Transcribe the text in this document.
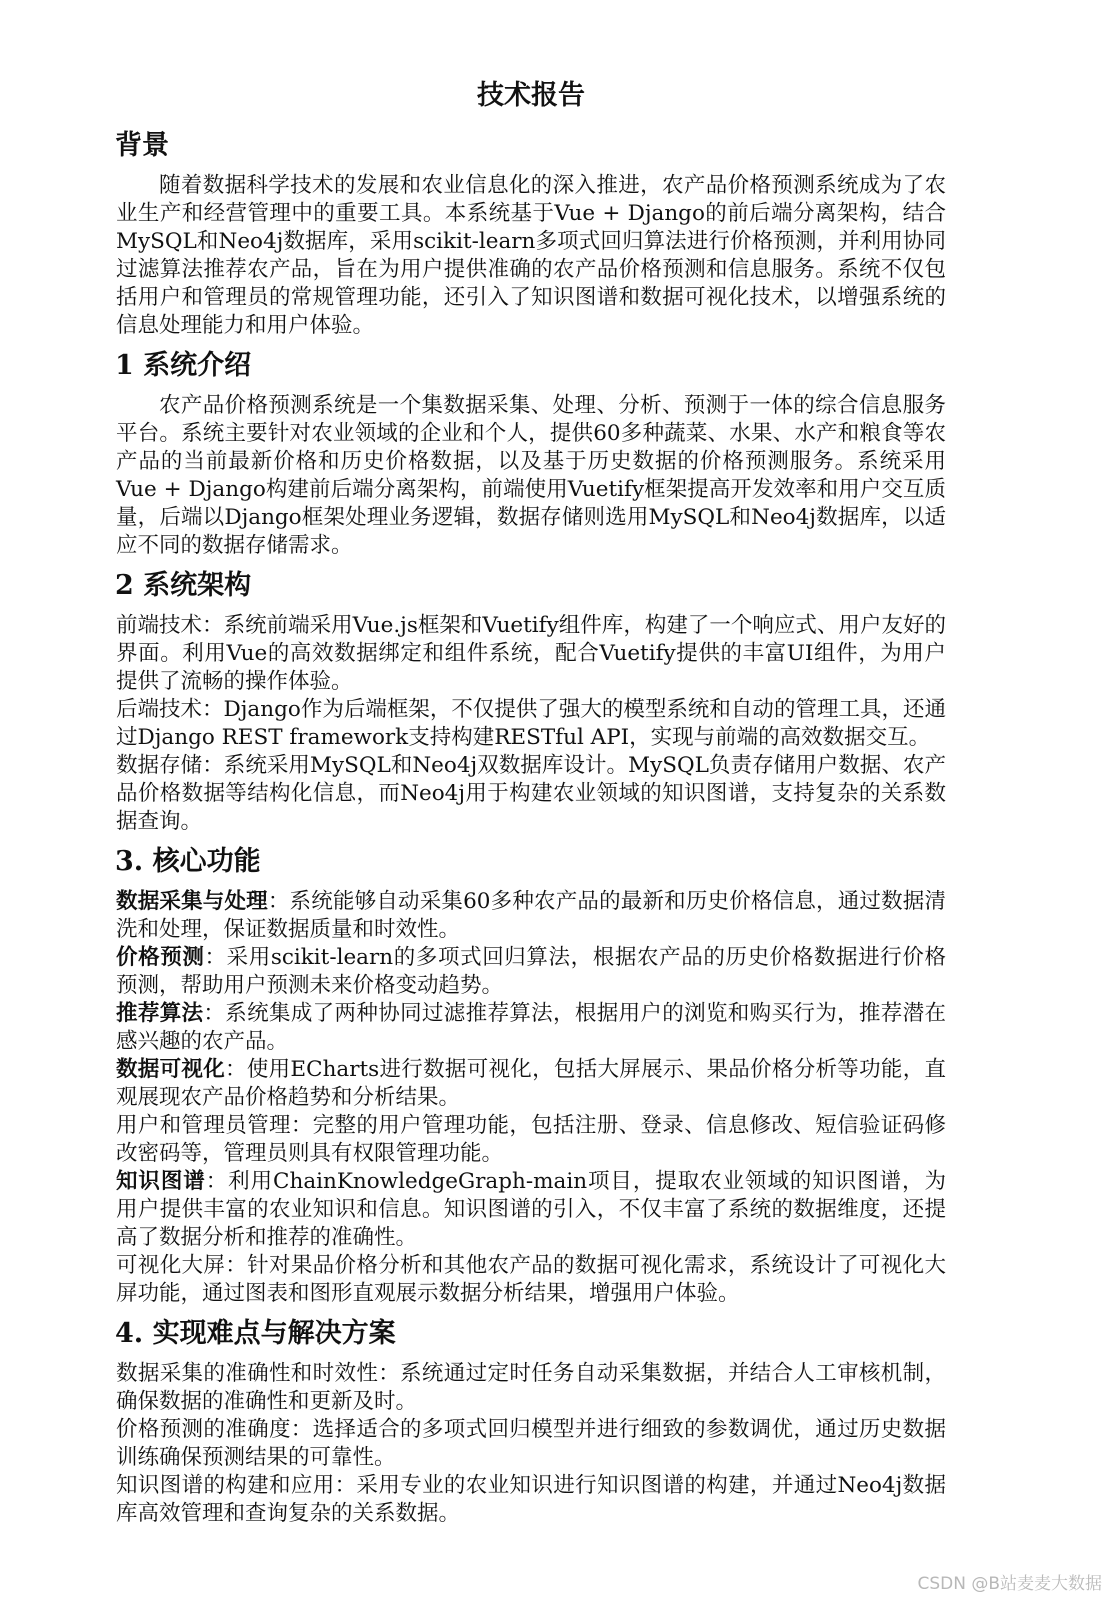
技术报告
背景

随着数据科学技术的发展和农业信息化的深入推进，农产品价格预测系统成为了农业生产和经营管理中的重要工具。本系统基于Vue + Django的前后端分离架构，结合MySQL和Neo4j数据库，采用scikit-learn多项式回归算法进行价格预测，并利用协同过滤算法推荐农产品，旨在为用户提供准确的农产品价格预测和信息服务。系统不仅包括用户和管理员的常规管理功能，还引入了知识图谱和数据可视化技术，以增强系统的信息处理能力和用户体验。

1 系统介绍

农产品价格预测系统是一个集数据采集、处理、分析、预测于一体的综合信息服务平台。系统主要针对农业领域的企业和个人，提供60多种蔬菜、水果、水产和粮食等农产品的当前最新价格和历史价格数据，以及基于历史数据的价格预测服务。系统采用Vue + Django构建前后端分离架构，前端使用Vuetify框架提高开发效率和用户交互质量，后端以Django框架处理业务逻辑，数据存储则选用MySQL和Neo4j数据库，以适应不同的数据存储需求。

2 系统架构

前端技术：系统前端采用Vue.js框架和Vuetify组件库，构建了一个响应式、用户友好的界面。利用Vue的高效数据绑定和组件系统，配合Vuetify提供的丰富UI组件，为用户提供了流畅的操作体验。

后端技术：Django作为后端框架，不仅提供了强大的模型系统和自动的管理工具，还通过Django REST framework支持构建RESTful API，实现与前端的高效数据交互。

数据存储：系统采用MySQL和Neo4j双数据库设计。MySQL负责存储用户数据、农产品价格数据等结构化信息，而Neo4j用于构建农业领域的知识图谱，支持复杂的关系数据查询。

3. 核心功能

数据采集与处理：系统能够自动采集60多种农产品的最新和历史价格信息，通过数据清洗和处理，保证数据质量和时效性。

价格预测：采用scikit-learn的多项式回归算法，根据农产品的历史价格数据进行价格预测，帮助用户预测未来价格变动趋势。

推荐算法：系统集成了两种协同过滤推荐算法，根据用户的浏览和购买行为，推荐潜在感兴趣的农产品。

数据可视化：使用ECharts进行数据可视化，包括大屏展示、果品价格分析等功能，直观展现农产品价格趋势和分析结果。

用户和管理员管理：完整的用户管理功能，包括注册、登录、信息修改、短信验证码修改密码等，管理员则具有权限管理功能。

知识图谱：利用ChainKnowledgeGraph-main项目，提取农业领域的知识图谱，为用户提供丰富的农业知识和信息。知识图谱的引入，不仅丰富了系统的数据维度，还提高了数据分析和推荐的准确性。

可视化大屏：针对果品价格分析和其他农产品的数据可视化需求，系统设计了可视化大屏功能，通过图表和图形直观展示数据分析结果，增强用户体验。

4. 实现难点与解决方案

数据采集的准确性和时效性：系统通过定时任务自动采集数据，并结合人工审核机制，确保数据的准确性和更新及时。

价格预测的准确度：选择适合的多项式回归模型并进行细致的参数调优，通过历史数据训练确保预测结果的可靠性。

知识图谱的构建和应用：采用专业的农业知识进行知识图谱的构建，并通过Neo4j数据库高效管理和查询复杂的关系数据。

CSDN @B站麦麦大数据
